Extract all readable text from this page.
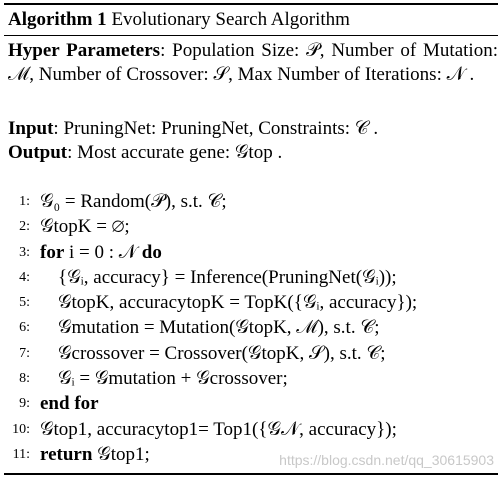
Algorithm 1 Evolutionary Search Algorithm
Hyper Parameters: Population Size: 𝒫, Number of Mutation: ℳ, Number of Crossover: 𝒮, Max Number of Iterations: 𝒩 .
Input: PruningNet: PruningNet, Constraints: 𝒞 .
Output: Most accurate gene: 𝒢top .
1: 𝒢₀ = Random(𝒫), s.t. 𝒞;
2: 𝒢topK = ∅;
3: for i = 0 : 𝒩 do
4:	{𝒢ᵢ, accuracy} = Inference(PruningNet(𝒢ᵢ));
5:	𝒢topK, accuracytopK = TopK({𝒢ᵢ, accuracy});
6:	𝒢mutation = Mutation(𝒢topK, ℳ), s.t. 𝒞;
7:	𝒢crossover = Crossover(𝒢topK, 𝒮), s.t. 𝒞;
8:	𝒢ᵢ = 𝒢mutation + 𝒢crossover;
9: end for
10: 𝒢top1, accuracytop1= Top1({𝒢𝒩, accuracy});
11: return 𝒢top1;	https://blog.csdn.net/qq_30615903
